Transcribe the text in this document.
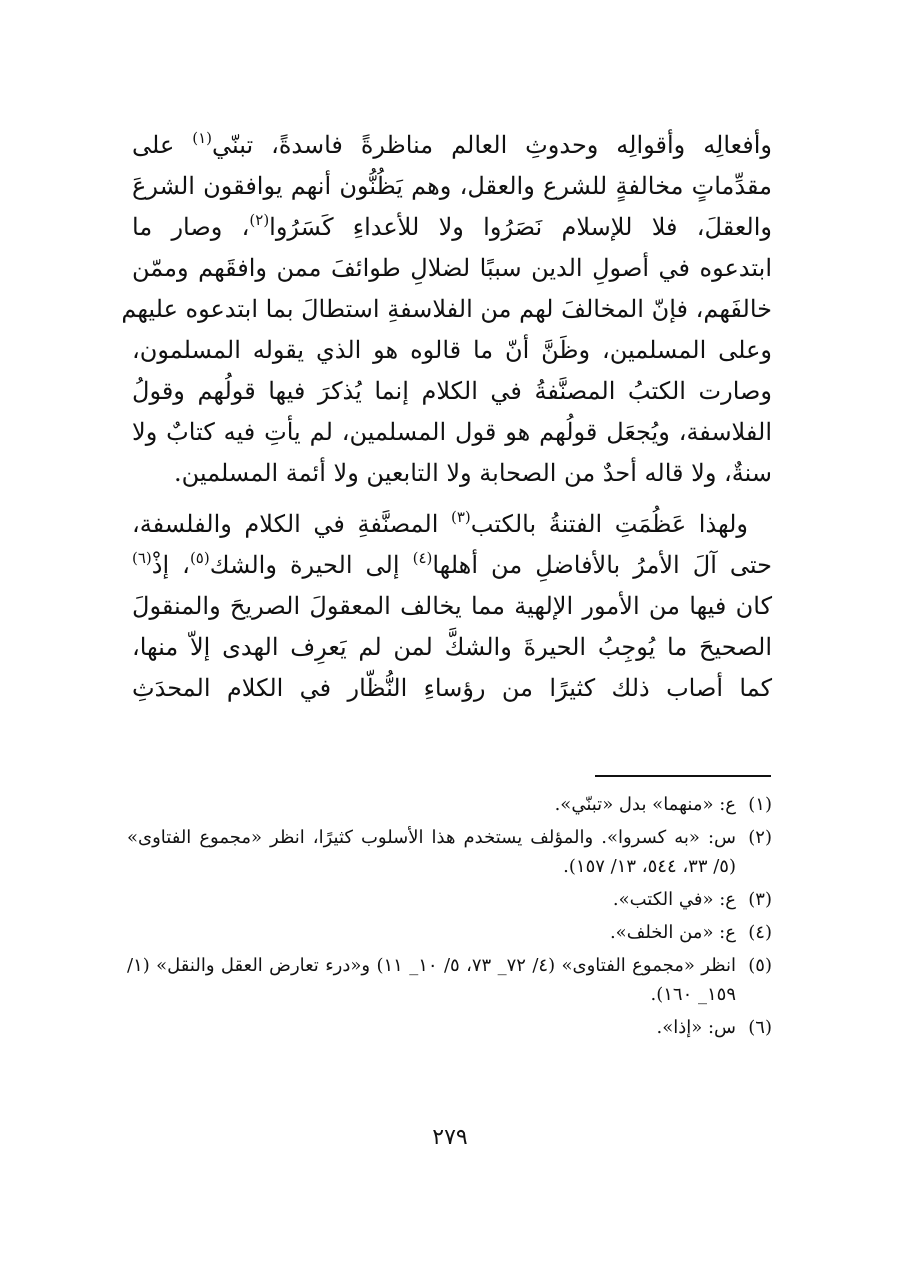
وأفعالِه وأقوالِه وحدوثِ العالم مناظرةً فاسدةً، تبنّي$^{(١)}$ على
مقدِّماتٍ مخالفةٍ للشرع والعقل، وهم يَظُنُّون أنهم يوافقون الشرعَ
والعقلَ، فلا للإسلام نَصَرُوا ولا للأعداءِ كَسَرُوا$^{(٢)}$، وصار ما
ابتدعوه في أصولِ الدين سببًا لضلالِ طوائفَ ممن وافقَهم وممّن
خالفَهم، فإنّ المخالفَ لهم من الفلاسفةِ استطالَ بما ابتدعوه عليهم
وعلى المسلمين، وظَنَّ أنّ ما قالوه هو الذي يقوله المسلمون،
وصارت الكتبُ المصنَّفةُ في الكلام إنما يُذكرَ فيها قولُهم وقولُ
الفلاسفة، ويُجعَل قولُهم هو قول المسلمين، لم يأتِ فيه كتابٌ ولا
سنةٌ، ولا قاله أحدٌ من الصحابة ولا التابعين ولا أئمة المسلمين.
ولهذا عَظُمَتِ الفتنةُ بالكتب$^{(٣)}$ المصنَّفةِ في الكلام والفلسفة،
حتى آلَ الأمرُ بالأفاضلِ من أهلها$^{(٤)}$ إلى الحيرة والشك$^{(٥)}$، إذْ$^{(٦)}$
كان فيها من الأمور الإلهية مما يخالف المعقولَ الصريحَ والمنقولَ
الصحيحَ ما يُوجِبُ الحيرةَ والشكَّ لمن لم يَعرِف الهدى إلاّ منها،
كما أصاب ذلك كثيرًا من رؤساءِ النُّظّار في الكلام المحدَثِ
(١)
ع: «منهما» بدل «تبنّي».
(٢)
س: «به كسروا». والمؤلف يستخدم هذا الأسلوب كثيرًا، انظر «مجموع الفتاوى» (٥/ ٣٣، ٥٤٤، ١٣/ ١٥٧).
(٣)
ع: «في الكتب».
(٤)
ع: «من الخلف».
(٥)
انظر «مجموع الفتاوى» (٤/ ٧٢_ ٧٣، ٥/ ١٠_ ١١) و«درء تعارض العقل والنقل» (١/ ١٥٩_ ١٦٠).
(٦)
س: «إذا».
٢٧٩
